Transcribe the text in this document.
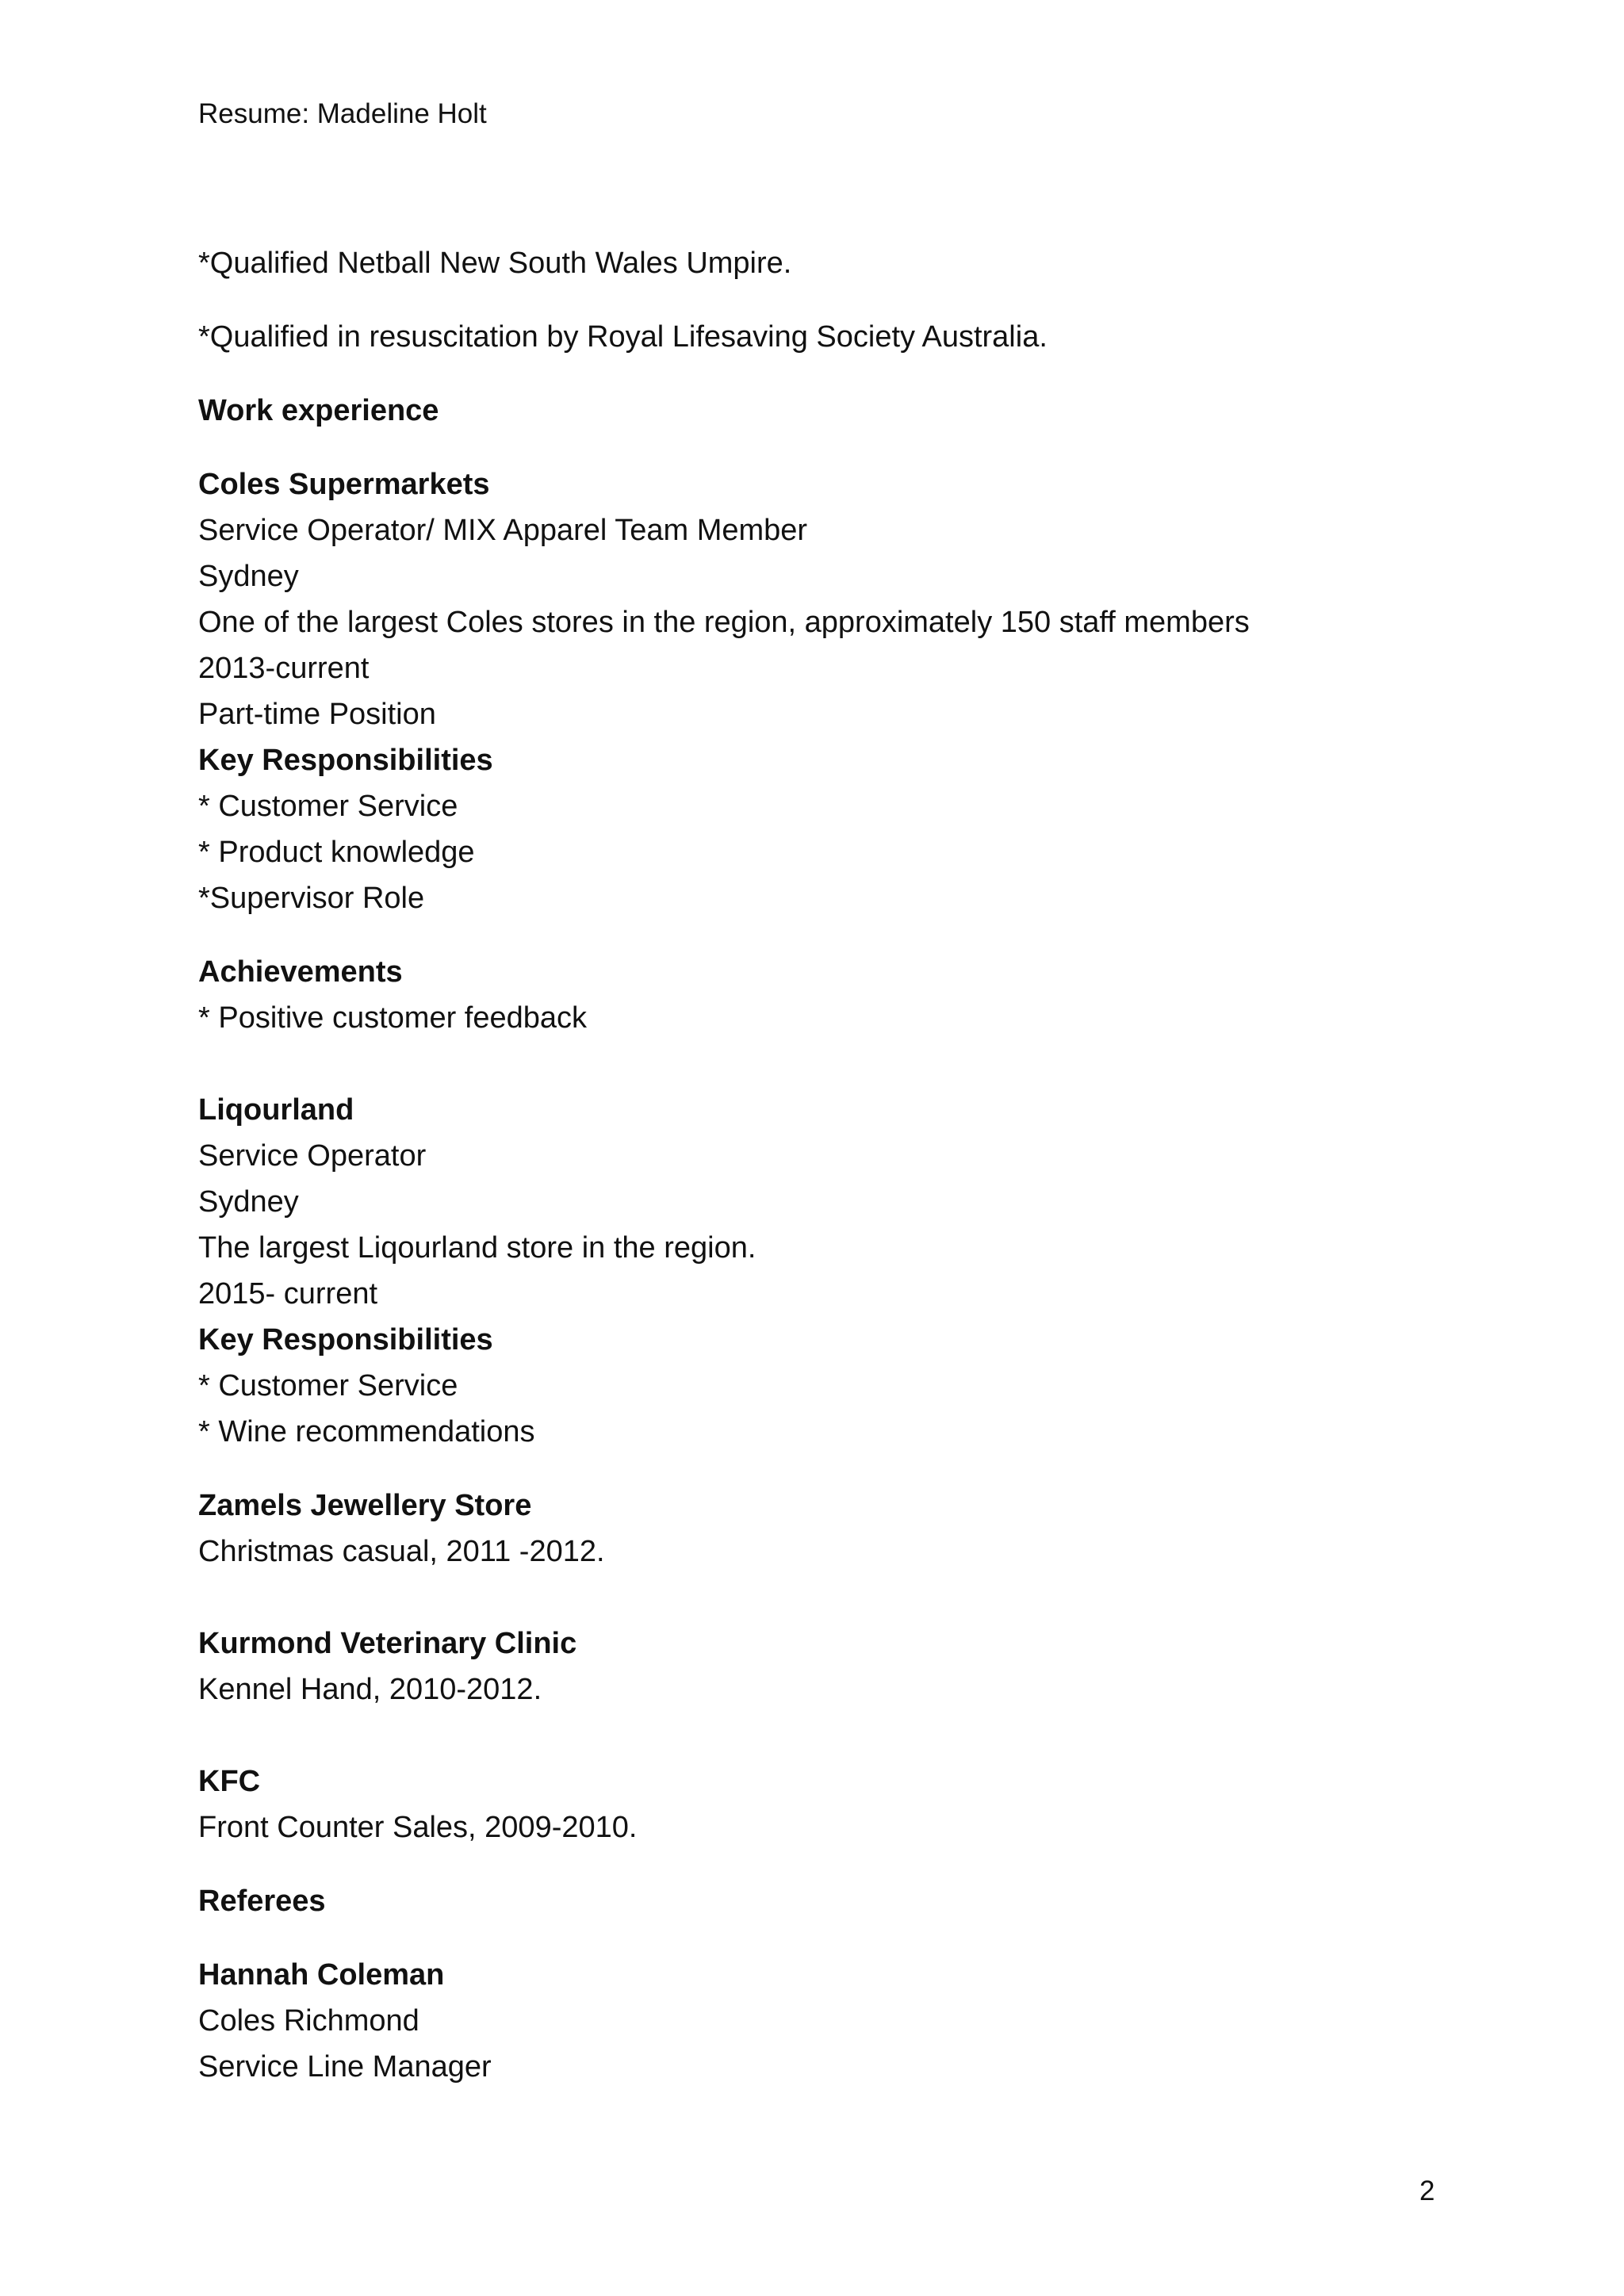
Resume: Madeline Holt
*Qualified Netball New South Wales Umpire.
*Qualified in resuscitation by Royal Lifesaving Society Australia.
Work experience
Coles Supermarkets
Service Operator/ MIX Apparel Team Member
Sydney
One of the largest Coles stores in the region, approximately 150 staff members
2013-current
Part-time Position
Key Responsibilities
* Customer Service
* Product knowledge
*Supervisor Role
Achievements
* Positive customer feedback
Liqourland
Service Operator
Sydney
The largest Liqourland store in the region.
2015- current
Key Responsibilities
* Customer Service
* Wine recommendations
Zamels Jewellery Store
Christmas casual, 2011 -2012.
Kurmond Veterinary Clinic
Kennel Hand, 2010-2012.
KFC
Front Counter Sales, 2009-2010.
Referees
Hannah Coleman
Coles Richmond
Service Line Manager
2
